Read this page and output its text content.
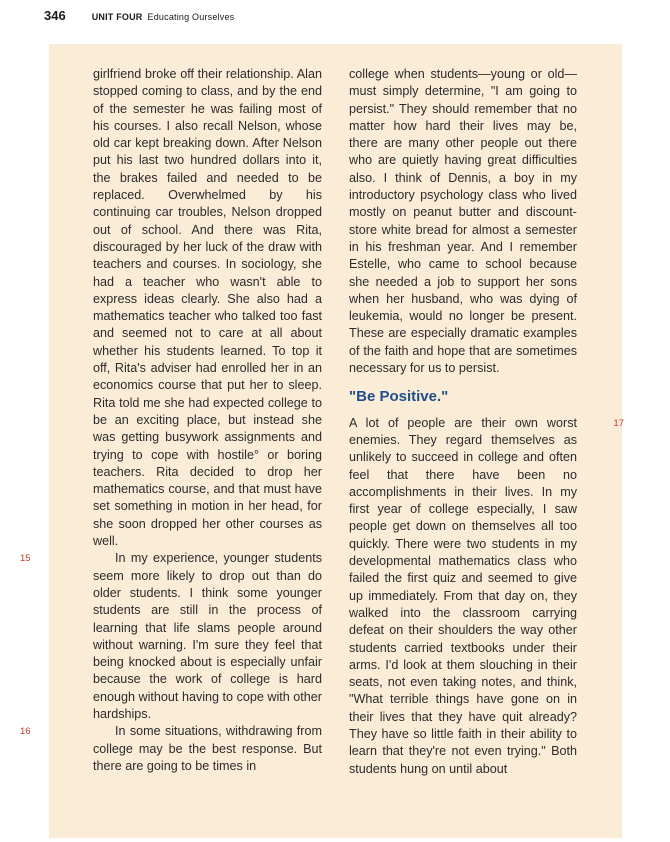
346	UNIT FOUR Educating Ourselves

girlfriend broke off their relationship. Alan stopped coming to class, and by the end of the semester he was failing most of his courses. I also recall Nelson, whose old car kept breaking down. After Nelson put his last two hundred dollars into it, the brakes failed and needed to be replaced. Overwhelmed by his continuing car troubles, Nelson dropped out of school. And there was Rita, discouraged by her luck of the draw with teachers and courses. In sociology, she had a teacher who wasn't able to express ideas clearly. She also had a mathematics teacher who talked too fast and seemed not to care at all about whether his students learned. To top it off, Rita's adviser had enrolled her in an economics course that put her to sleep. Rita told me she had expected college to be an exciting place, but instead she was getting busywork assignments and trying to cope with hostile° or boring teachers. Rita decided to drop her mathematics course, and that must have set something in motion in her head, for she soon dropped her other courses as well.

15	In my experience, younger students seem more likely to drop out than do older students. I think some younger students are still in the process of learning that life slams people around without warning. I'm sure they feel that being knocked about is especially unfair because the work of college is hard enough without having to cope with other hardships.

16	In some situations, withdrawing from college may be the best response. But there are going to be times in

college when students—young or old—must simply determine, "I am going to persist." They should remember that no matter how hard their lives may be, there are many other people out there who are quietly having great difficulties also. I think of Dennis, a boy in my introductory psychology class who lived mostly on peanut butter and discount-store white bread for almost a semester in his freshman year. And I remember Estelle, who came to school because she needed a job to support her sons when her husband, who was dying of leukemia, would no longer be present. These are especially dramatic examples of the faith and hope that are sometimes necessary for us to persist.

"Be Positive."

17
A lot of people are their own worst enemies. They regard themselves as unlikely to succeed in college and often feel that there have been no accomplishments in their lives. In my first year of college especially, I saw people get down on themselves all too quickly. There were two students in my developmental mathematics class who failed the first quiz and seemed to give up immediately. From that day on, they walked into the classroom carrying defeat on their shoulders the way other students carried textbooks under their arms. I'd look at them slouching in their seats, not even taking notes, and think, "What terrible things have gone on in their lives that they have quit already? They have so little faith in their ability to learn that they're not even trying." Both students hung on until about
